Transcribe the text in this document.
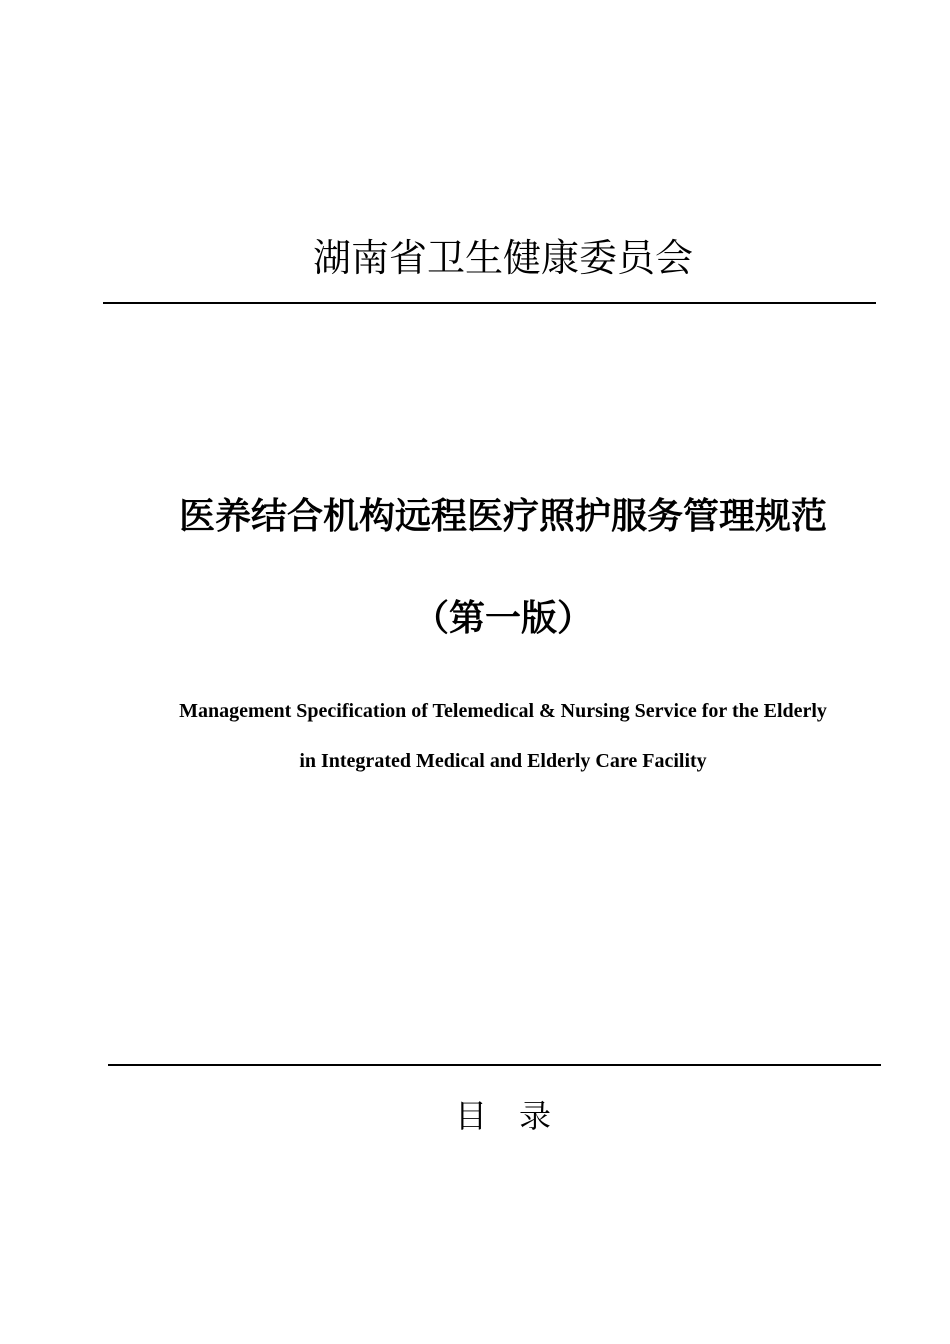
湖南省卫生健康委员会
医养结合机构远程医疗照护服务管理规范
（第一版）
Management Specification of Telemedical & Nursing Service for the Elderly
in Integrated Medical and Elderly Care Facility
目　录
